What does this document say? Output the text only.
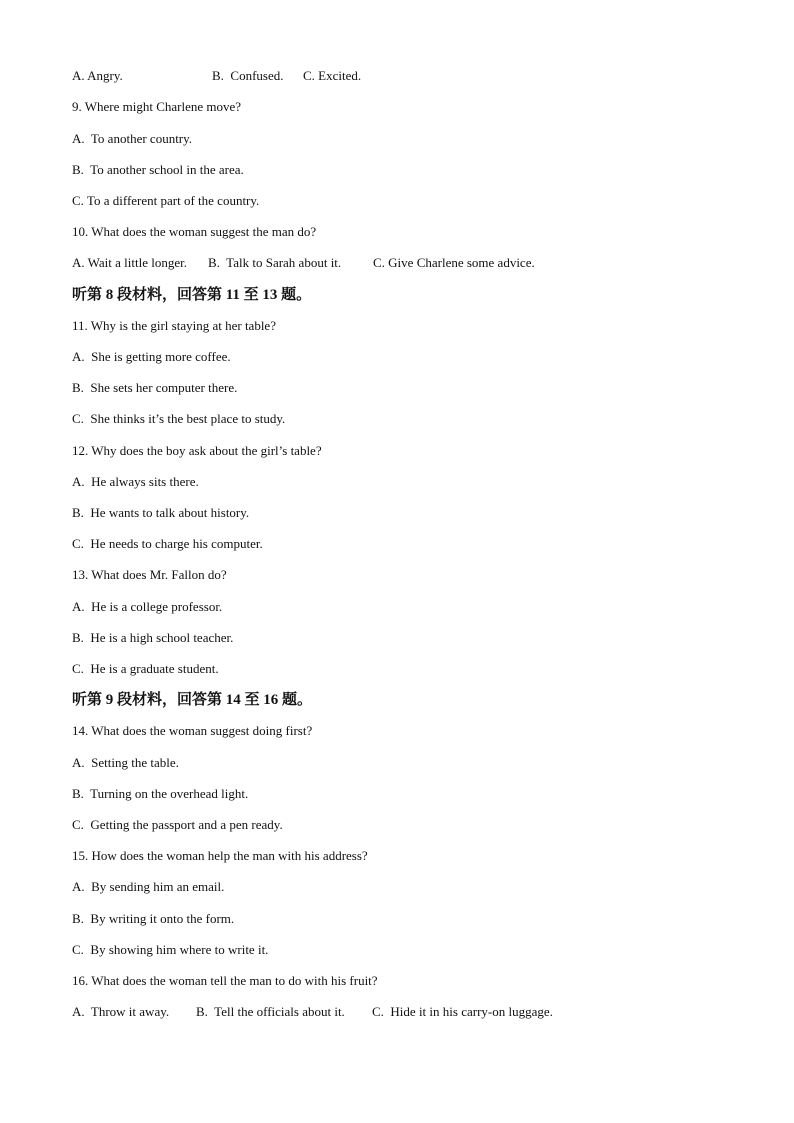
A. Angry.

	B.  Confused.

C. Excited.

9. Where might Charlene move?
A.  To another country.
B.  To another school in the area.
C. To a different part of the country.
10. What does the woman suggest the man do?

A. Wait a little longer.

B.  Talk to Sarah about it.

C. Give Charlene some advice.

听第 8 段材料，回答第 11 至 13 题。
11. Why is the girl staying at her table?
A.  She is getting more coffee.
B.  She sets her computer there.
C.  She thinks it’s the best place to study.
12. Why does the boy ask about the girl’s table?
A.  He always sits there.
B.  He wants to talk about history.
C.  He needs to charge his computer.
13. What does Mr. Fallon do?
A.  He is a college professor.
B.  He is a high school teacher.
C.  He is a graduate student.
听第 9 段材料，回答第 14 至 16 题。
14. What does the woman suggest doing first?
A.  Setting the table.
B.  Turning on the overhead light.
C.  Getting the passport and a pen ready.
15. How does the woman help the man with his address?
A.  By sending him an email.
B.  By writing it onto the form.
C.  By showing him where to write it.
16. What does the woman tell the man to do with his fruit?

A.  Throw it away.

B.  Tell the officials about it.

C.  Hide it in his carry-on luggage.
